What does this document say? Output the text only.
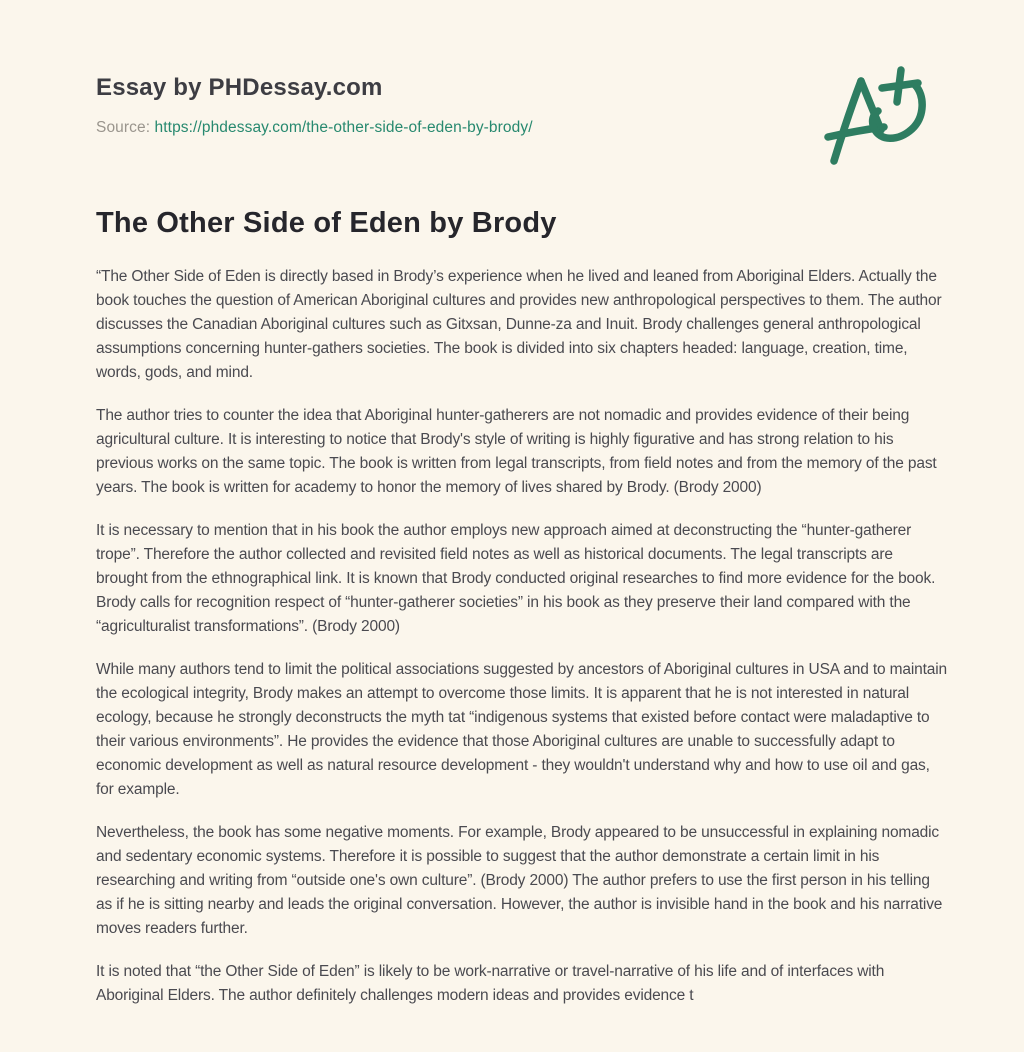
Essay by PHDessay.com
Source: https://phdessay.com/the-other-side-of-eden-by-brody/
The Other Side of Eden by Brody

“The Other Side of Eden is directly based in Brody’s experience when he lived and leaned from Aboriginal Elders. Actually the book touches the question of American Aboriginal cultures and provides new anthropological perspectives to them. The author discusses the Canadian Aboriginal cultures such as Gitxsan, Dunne-za and Inuit. Brody challenges general anthropological assumptions concerning hunter-gathers societies. The book is divided into six chapters headed: language, creation, time, words, gods, and mind.

The author tries to counter the idea that Aboriginal hunter-gatherers are not nomadic and provides evidence of their being agricultural culture. It is interesting to notice that Brody's style of writing is highly figurative and has strong relation to his previous works on the same topic. The book is written from legal transcripts, from field notes and from the memory of the past years. The book is written for academy to honor the memory of lives shared by Brody. (Brody 2000)

It is necessary to mention that in his book the author employs new approach aimed at deconstructing the “hunter-gatherer trope”. Therefore the author collected and revisited field notes as well as historical documents. The legal transcripts are brought from the ethnographical link. It is known that Brody conducted original researches to find more evidence for the book. Brody calls for recognition respect of “hunter-gatherer societies” in his book as they preserve their land compared with the “agriculturalist transformations”. (Brody 2000)

While many authors tend to limit the political associations suggested by ancestors of Aboriginal cultures in USA and to maintain the ecological integrity, Brody makes an attempt to overcome those limits. It is apparent that he is not interested in natural ecology, because he strongly deconstructs the myth tat “indigenous systems that existed before contact were maladaptive to their various environments”. He provides the evidence that those Aboriginal cultures are unable to successfully adapt to economic development as well as natural resource development - they wouldn't understand why and how to use oil and gas, for example.

Nevertheless, the book has some negative moments. For example, Brody appeared to be unsuccessful in explaining nomadic and sedentary economic systems. Therefore it is possible to suggest that the author demonstrate a certain limit in his researching and writing from “outside one's own culture”. (Brody 2000) The author prefers to use the first person in his telling as if he is sitting nearby and leads the original conversation. However, the author is invisible hand in the book and his narrative moves readers further.

It is noted that “the Other Side of Eden” is likely to be work-narrative or travel-narrative of his life and of interfaces with Aboriginal Elders. The author definitely challenges modern ideas and provides evidence t
